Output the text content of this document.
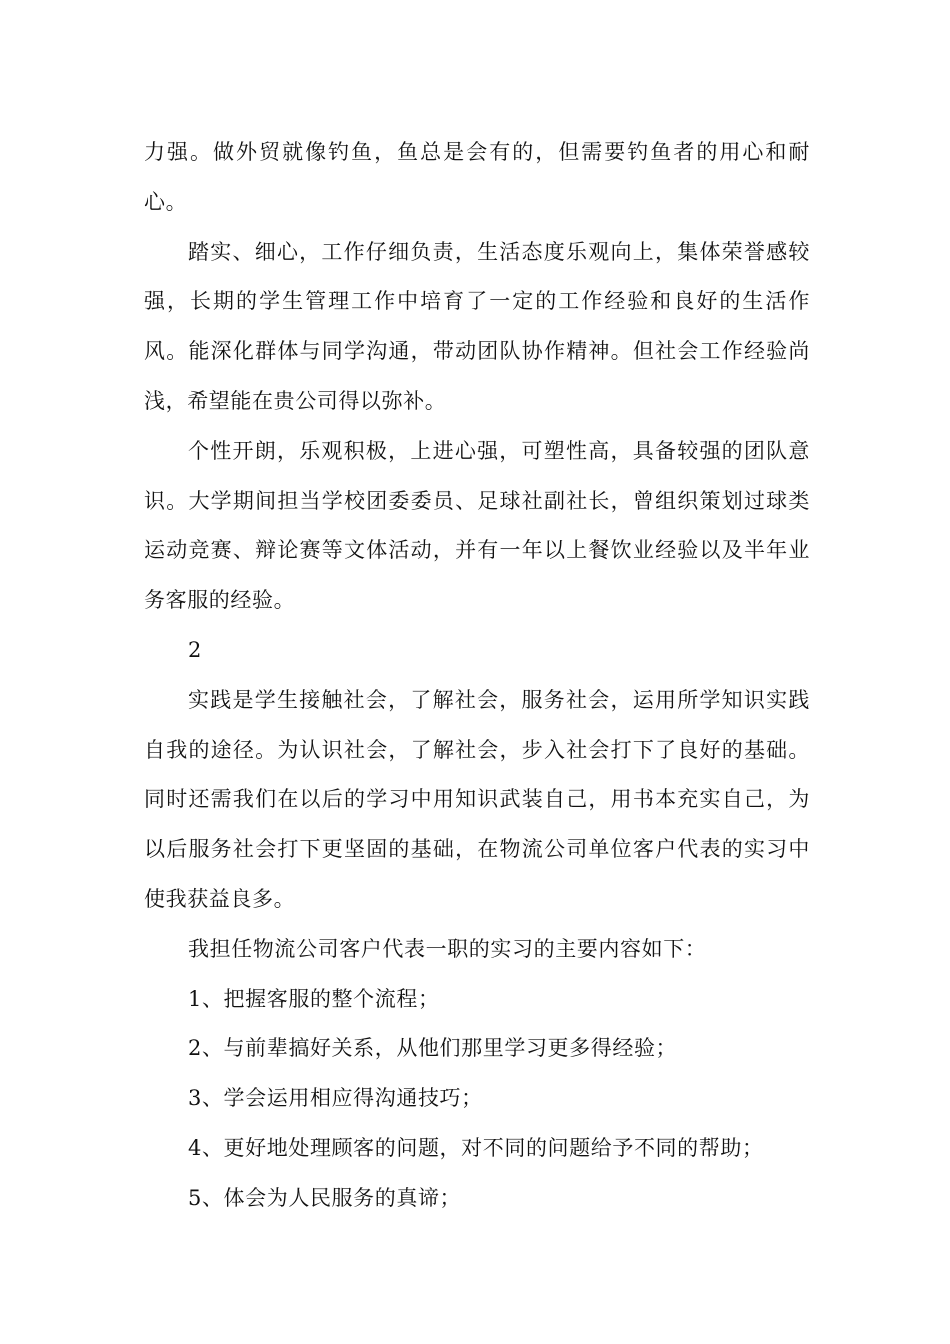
力强。做外贸就像钓鱼，鱼总是会有的，但需要钓鱼者的用心和耐心。

踏实、细心，工作仔细负责，生活态度乐观向上，集体荣誉感较强，长期的学生管理工作中培育了一定的工作经验和良好的生活作风。能深化群体与同学沟通，带动团队协作精神。但社会工作经验尚浅，希望能在贵公司得以弥补。

个性开朗，乐观积极，上进心强，可塑性高，具备较强的团队意识。大学期间担当学校团委委员、足球社副社长，曾组织策划过球类运动竞赛、辩论赛等文体活动，并有一年以上餐饮业经验以及半年业务客服的经验。

2

实践是学生接触社会，了解社会，服务社会，运用所学知识实践自我的途径。为认识社会，了解社会，步入社会打下了良好的基础。同时还需我们在以后的学习中用知识武装自己，用书本充实自己，为以后服务社会打下更坚固的基础，在物流公司单位客户代表的实习中使我获益良多。

我担任物流公司客户代表一职的实习的主要内容如下：

1、把握客服的整个流程；

2、与前辈搞好关系，从他们那里学习更多得经验；

3、学会运用相应得沟通技巧；

4、更好地处理顾客的问题，对不同的问题给予不同的帮助；

5、体会为人民服务的真谛；
